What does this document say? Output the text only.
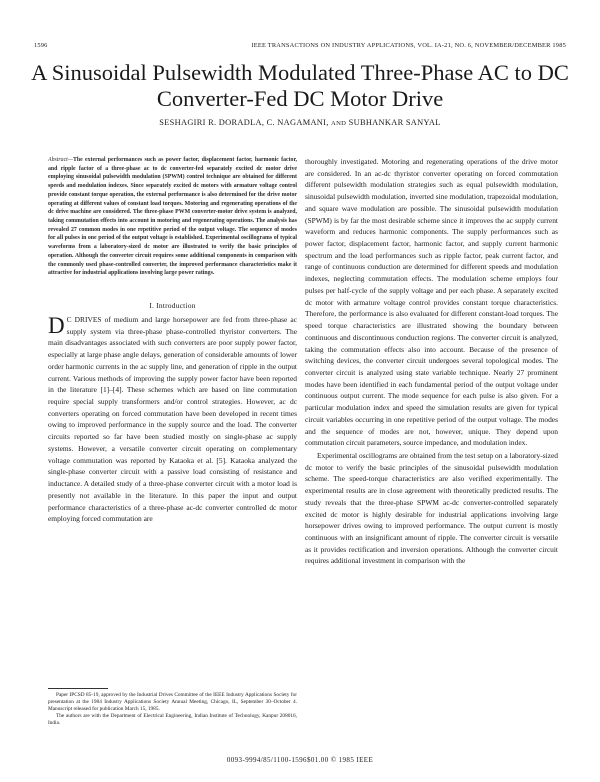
1596	IEEE TRANSACTIONS ON INDUSTRY APPLICATIONS, VOL. IA-21, NO. 6, NOVEMBER/DECEMBER 1985
A Sinusoidal Pulsewidth Modulated Three-Phase AC to DC Converter-Fed DC Motor Drive
SESHAGIRI R. DORADLA, C. NAGAMANI, AND SUBHANKAR SANYAL
Abstract—The external performances such as power factor, displacement factor, harmonic factor, and ripple factor of a three-phase ac to dc converter-fed separately excited dc motor drive employing sinusoidal pulsewidth modulation (SPWM) control technique are obtained for different speeds and modulation indexes. Since separately excited dc motors with armature voltage control provide constant torque operation, the external performance is also determined for the drive motor operating at different values of constant load torques. Motoring and regenerating operations of the dc drive machine are considered. The three-phase PWM converter-motor drive system is analyzed, taking commutation effects into account in motoring and regenerating operations. The analysis has revealed 27 common modes in one repetitive period of the output voltage. The sequence of modes for all pulses in one period of the output voltage is established. Experimental oscillograms of typical waveforms from a laboratory-sized dc motor are illustrated to verify the basic principles of operation. Although the converter circuit requires some additional components in comparison with the commonly used phase-controlled converter, the improved performance characteristics make it attractive for industrial applications involving large power ratings.
I. Introduction
D C DRIVES of medium and large horsepower are fed from three-phase ac supply system via three-phase phase-controlled thyristor converters. The main disadvantages associated with such converters are poor supply power factor, especially at large phase angle delays, generation of considerable amounts of lower order harmonic currents in the ac supply line, and generation of ripple in the output current. Various methods of improving the supply power factor have been reported in the literature [1]–[4]. These schemes which are based on line commutation require special supply transformers and/or control strategies. However, ac dc converters operating on forced commutation have been developed in recent times owing to improved performance in the supply source and the load. The converter circuits reported so far have been studied mostly on single-phase ac supply systems. However, a versatile converter circuit operating on complementary voltage commutation was reported by Kataoka et al. [5]. Kataoka analyzed the single-phase converter circuit with a passive load consisting of resistance and inductance. A detailed study of a three-phase converter circuit with a motor load is presently not available in the literature. In this paper the input and output performance characteristics of a three-phase ac-dc converter controlled dc motor employing forced commutation are

thoroughly investigated. Motoring and regenerating operations of the drive motor are considered. In an ac-dc thyristor converter operating on forced commutation different pulsewidth modulation strategies such as equal pulsewidth modulation, sinusoidal pulsewidth modulation, inverted sine modulation, trapezoidal modulation, and square wave modulation are possible. The sinusoidal pulsewidth modulation (SPWM) is by far the most desirable scheme since it improves the ac supply current waveform and reduces harmonic components. The supply performances such as power factor, displacement factor, harmonic factor, and supply current harmonic spectrum and the load performances such as ripple factor, peak current factor, and range of continuous conduction are determined for different speeds and modulation indexes, neglecting commutation effects. The modulation scheme employs four pulses per half-cycle of the supply voltage and per each phase. A separately excited dc motor with armature voltage control provides constant torque characteristics. Therefore, the performance is also evaluated for different constant-load torques. The speed torque characteristics are illustrated showing the boundary between continuous and discontinuous conduction regions. The converter circuit is analyzed, taking the commutation effects also into account. Because of the presence of switching devices, the converter circuit undergoes several topological modes. The converter circuit is analyzed using state variable technique. Nearly 27 prominent modes have been identified in each fundamental period of the output voltage under continuous output current. The mode sequence for each pulse is also given. For a particular modulation index and speed the simulation results are given for typical circuit variables occurring in one repetitive period of the output voltage. The modes and the sequence of modes are not, however, unique. They depend upon commutation circuit parameters, source impedance, and modulation index.

Experimental oscillograms are obtained from the test setup on a laboratory-sized dc motor to verify the basic principles of the sinusoidal pulsewidth modulation scheme. The speed-torque characteristics are also verified experimentally. The experimental results are in close agreement with theoretically predicted results. The study reveals that the three-phase SPWM ac-dc converter-controlled separately excited dc motor is highly desirable for industrial applications involving large horsepower drives owing to improved performance. The output current is mostly continuous with an insignificant amount of ripple. The converter circuit is versatile as it provides rectification and inversion operations. Although the converter circuit requires additional investment in comparison with the

Paper IPCSD 85-19, approved by the Industrial Drives Committee of the IEEE Industry Applications Society for presentation at the 1984 Industry Applications Society Annual Meeting, Chicago, IL, September 30–October 4. Manuscript released for publication March 15, 1985.

The authors are with the Department of Electrical Engineering, Indian Institute of Technology, Kanpur 208016, India.

0093-9994/85/1100-1596$01.00 © 1985 IEEE
